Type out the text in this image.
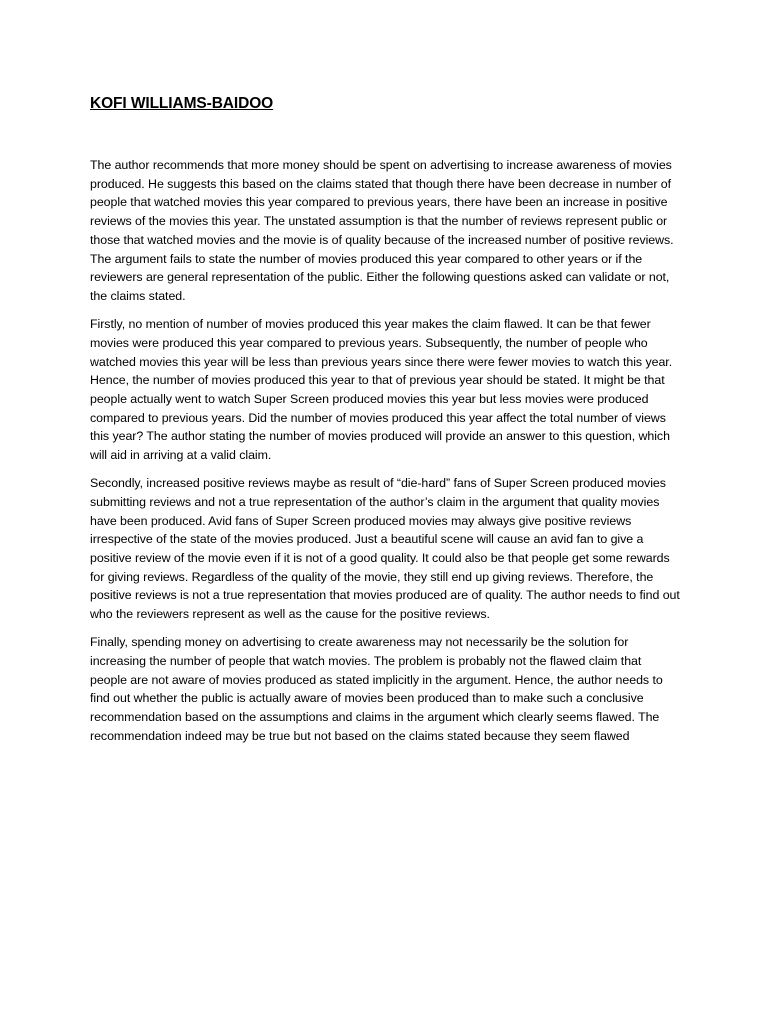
KOFI WILLIAMS-BAIDOO

The author recommends that more money should be spent on advertising to increase awareness of movies produced. He suggests this based on the claims stated that though there have been decrease in number of people that watched movies this year compared to previous years, there have been an increase in positive reviews of the movies this year. The unstated assumption is that the number of reviews represent public or those that watched movies and the movie is of quality because of the increased number of positive reviews. The argument fails to state the number of movies produced this year compared to other years or if the reviewers are general representation of the public. Either the following questions asked can validate or not, the claims stated.

Firstly, no mention of number of movies produced this year makes the claim flawed. It can be that fewer movies were produced this year compared to previous years. Subsequently, the number of people who watched movies this year will be less than previous years since there were fewer movies to watch this year. Hence, the number of movies produced this year to that of previous year should be stated. It might be that people actually went to watch Super Screen produced movies this year but less movies were produced compared to previous years. Did the number of movies produced this year affect the total number of views this year? The author stating the number of movies produced will provide an answer to this question, which will aid in arriving at a valid claim.

Secondly, increased positive reviews maybe as result of “die-hard” fans of Super Screen produced movies submitting reviews and not a true representation of the author’s claim in the argument that quality movies have been produced. Avid fans of Super Screen produced movies may always give positive reviews irrespective of the state of the movies produced. Just a beautiful scene will cause an avid fan to give a positive review of the movie even if it is not of a good quality. It could also be that people get some rewards for giving reviews. Regardless of the quality of the movie, they still end up giving reviews. Therefore, the positive reviews is not a true representation that movies produced are of quality. The author needs to find out who the reviewers represent as well as the cause for the positive reviews.

Finally, spending money on advertising to create awareness may not necessarily be the solution for increasing the number of people that watch movies. The problem is probably not the flawed claim that people are not aware of movies produced as stated implicitly in the argument. Hence, the author needs to find out whether the public is actually aware of movies been produced than to make such a conclusive recommendation based on the assumptions and claims in the argument which clearly seems flawed. The recommendation indeed may be true but not based on the claims stated because they seem flawed
